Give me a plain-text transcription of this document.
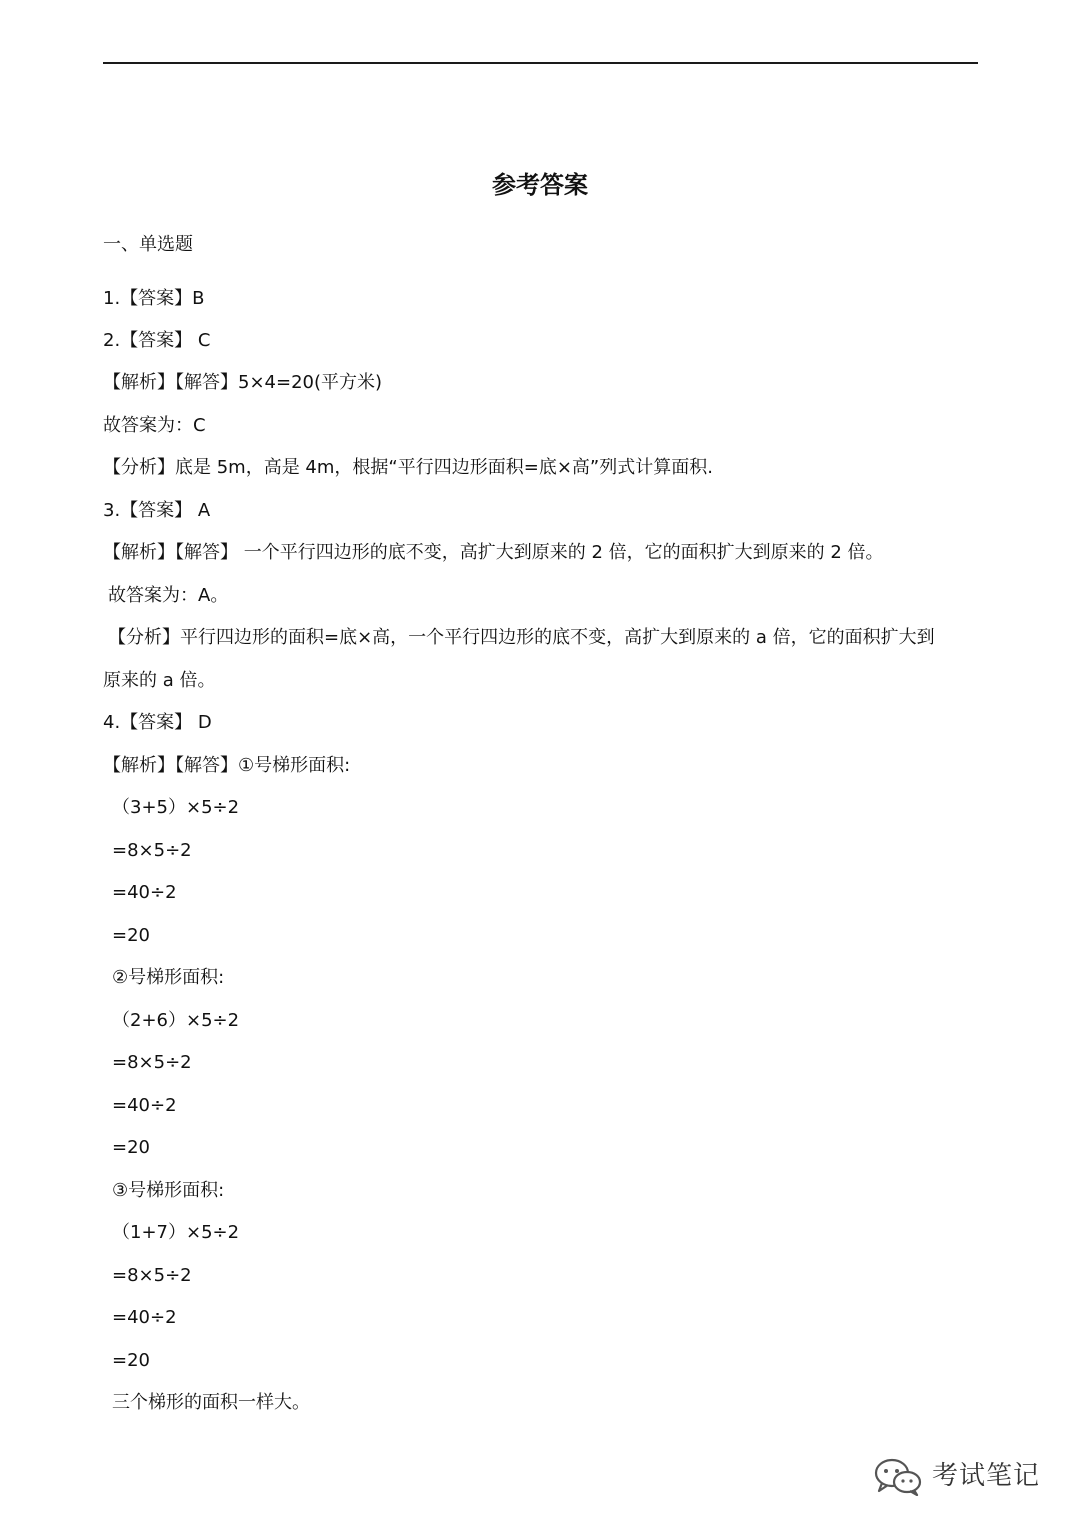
参考答案
一、单选题
1.【答案】B
2.【答案】 C
【解析】【解答】5×4=20(平方米)
故答案为：C
【分析】底是 5m，高是 4m，根据“平行四边形面积=底×高”列式计算面积.
3.【答案】 A
【解析】【解答】 一个平行四边形的底不变，高扩大到原来的 2 倍，它的面积扩大到原来的 2 倍。
故答案为：A。
【分析】平行四边形的面积=底×高，一个平行四边形的底不变，高扩大到原来的 a 倍，它的面积扩大到
原来的 a 倍。
4.【答案】 D
【解析】【解答】①号梯形面积:
（3+5）×5÷2
=8×5÷2
=40÷2
=20
②号梯形面积:
（2+6）×5÷2
=8×5÷2
=40÷2
=20
③号梯形面积:
（1+7）×5÷2
=8×5÷2
=40÷2
=20
三个梯形的面积一样大。
考试笔记
